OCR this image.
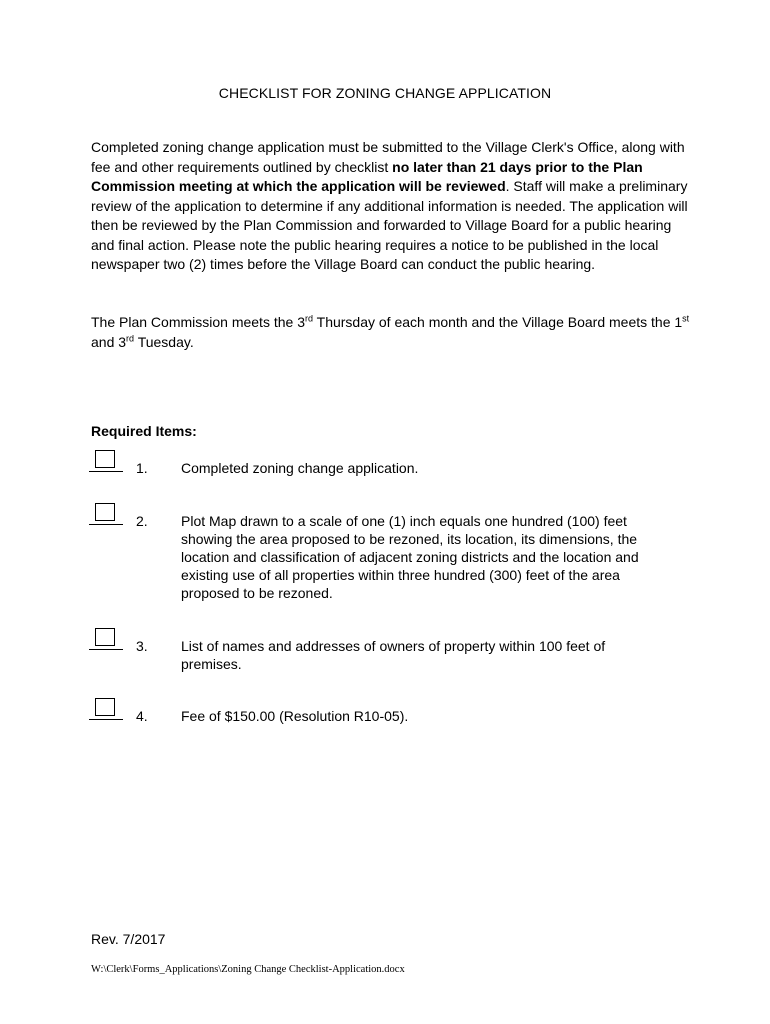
CHECKLIST FOR ZONING CHANGE APPLICATION

Completed zoning change application must be submitted to the Village Clerk's Office, along with fee and other requirements outlined by checklist no later than 21 days prior to the Plan Commission meeting at which the application will be reviewed. Staff will make a preliminary review of the application to determine if any additional information is needed. The application will then be reviewed by the Plan Commission and forwarded to Village Board for a public hearing and final action. Please note the public hearing requires a notice to be published in the local newspaper two (2) times before the Village Board can conduct the public hearing.

The Plan Commission meets the 3rd Thursday of each month and the Village Board meets the 1st and 3rd Tuesday.

Required Items:
1. Completed zoning change application.
2. Plot Map drawn to a scale of one (1) inch equals one hundred (100) feet showing the area proposed to be rezoned, its location, its dimensions, the location and classification of adjacent zoning districts and the location and existing use of all properties within three hundred (300) feet of the area proposed to be rezoned.
3. List of names and addresses of owners of property within 100 feet of premises.
4. Fee of $150.00 (Resolution R10-05).
Rev. 7/2017
W:\Clerk\Forms_Applications\Zoning Change Checklist-Application.docx
